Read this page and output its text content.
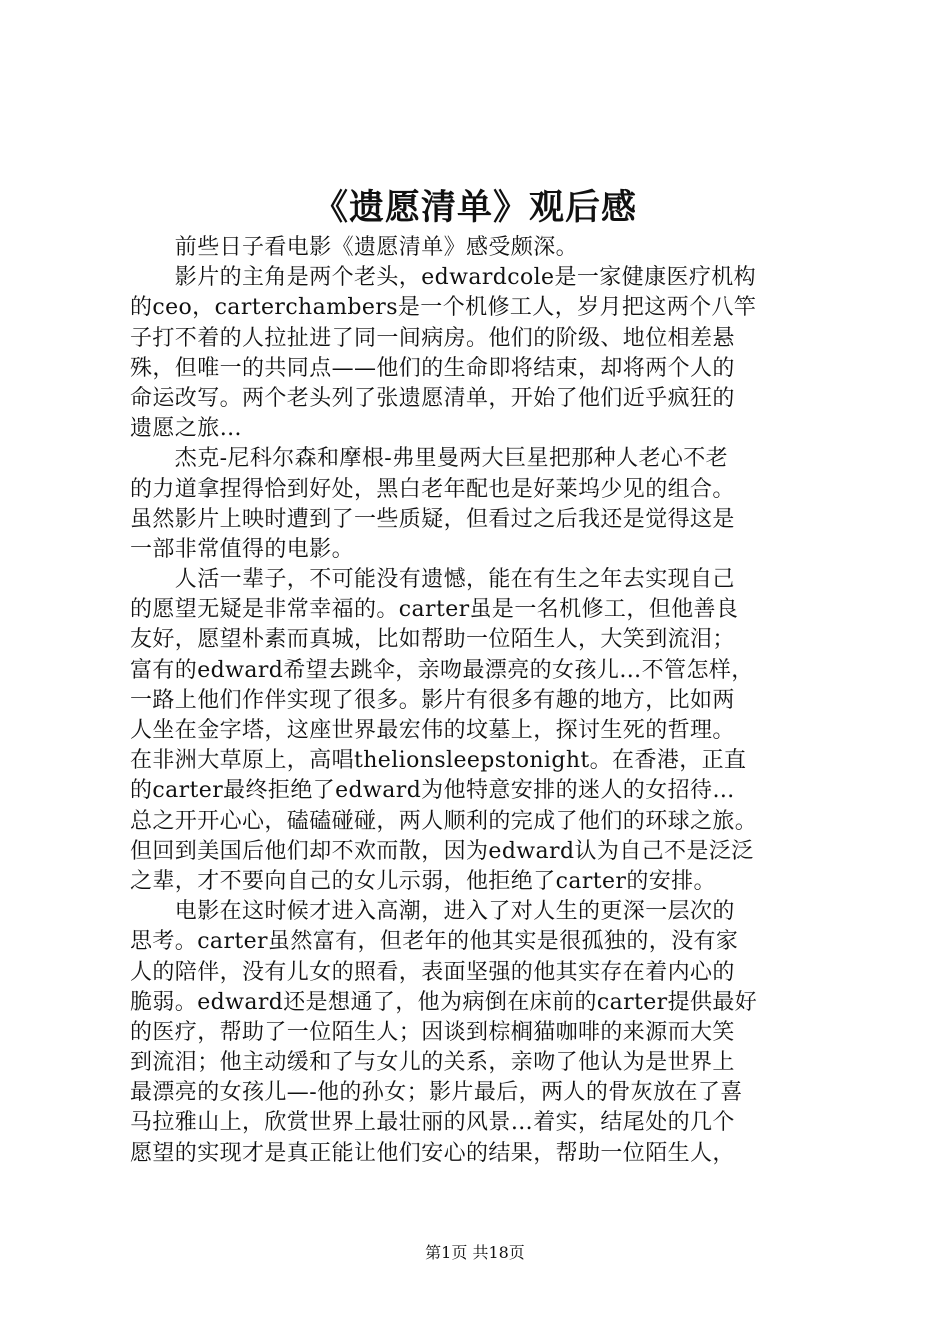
《遗愿清单》观后感
　　前些日子看电影《遗愿清单》感受颇深。
　　影片的主角是两个老头，edwardcole是一家健康医疗机构
的ceo，carterchambers是一个机修工人，岁月把这两个八竿
子打不着的人拉扯进了同一间病房。他们的阶级、地位相差悬
殊，但唯一的共同点——他们的生命即将结束，却将两个人的
命运改写。两个老头列了张遗愿清单，开始了他们近乎疯狂的
遗愿之旅…
　　杰克-尼科尔森和摩根-弗里曼两大巨星把那种人老心不老
的力道拿捏得恰到好处，黑白老年配也是好莱坞少见的组合。
虽然影片上映时遭到了一些质疑，但看过之后我还是觉得这是
一部非常值得的电影。
　　人活一辈子，不可能没有遗憾，能在有生之年去实现自己
的愿望无疑是非常幸福的。carter虽是一名机修工，但他善良
友好，愿望朴素而真城，比如帮助一位陌生人，大笑到流泪；
富有的edward希望去跳伞，亲吻最漂亮的女孩儿…不管怎样，
一路上他们作伴实现了很多。影片有很多有趣的地方，比如两
人坐在金字塔，这座世界最宏伟的坟墓上，探讨生死的哲理。
在非洲大草原上，高唱thelionsleepstonight。在香港，正直
的carter最终拒绝了edward为他特意安排的迷人的女招待…
总之开开心心，磕磕碰碰，两人顺利的完成了他们的环球之旅。
但回到美国后他们却不欢而散，因为edward认为自己不是泛泛
之辈，才不要向自己的女儿示弱，他拒绝了carter的安排。
　　电影在这时候才进入高潮，进入了对人生的更深一层次的
思考。carter虽然富有，但老年的他其实是很孤独的，没有家
人的陪伴，没有儿女的照看，表面坚强的他其实存在着内心的
脆弱。edward还是想通了，他为病倒在床前的carter提供最好
的医疗，帮助了一位陌生人；因谈到棕榈猫咖啡的来源而大笑
到流泪；他主动缓和了与女儿的关系，亲吻了他认为是世界上
最漂亮的女孩儿—-他的孙女；影片最后，两人的骨灰放在了喜
马拉雅山上，欣赏世界上最壮丽的风景…着实，结尾处的几个
愿望的实现才是真正能让他们安心的结果，帮助一位陌生人，
第1页 共18页
